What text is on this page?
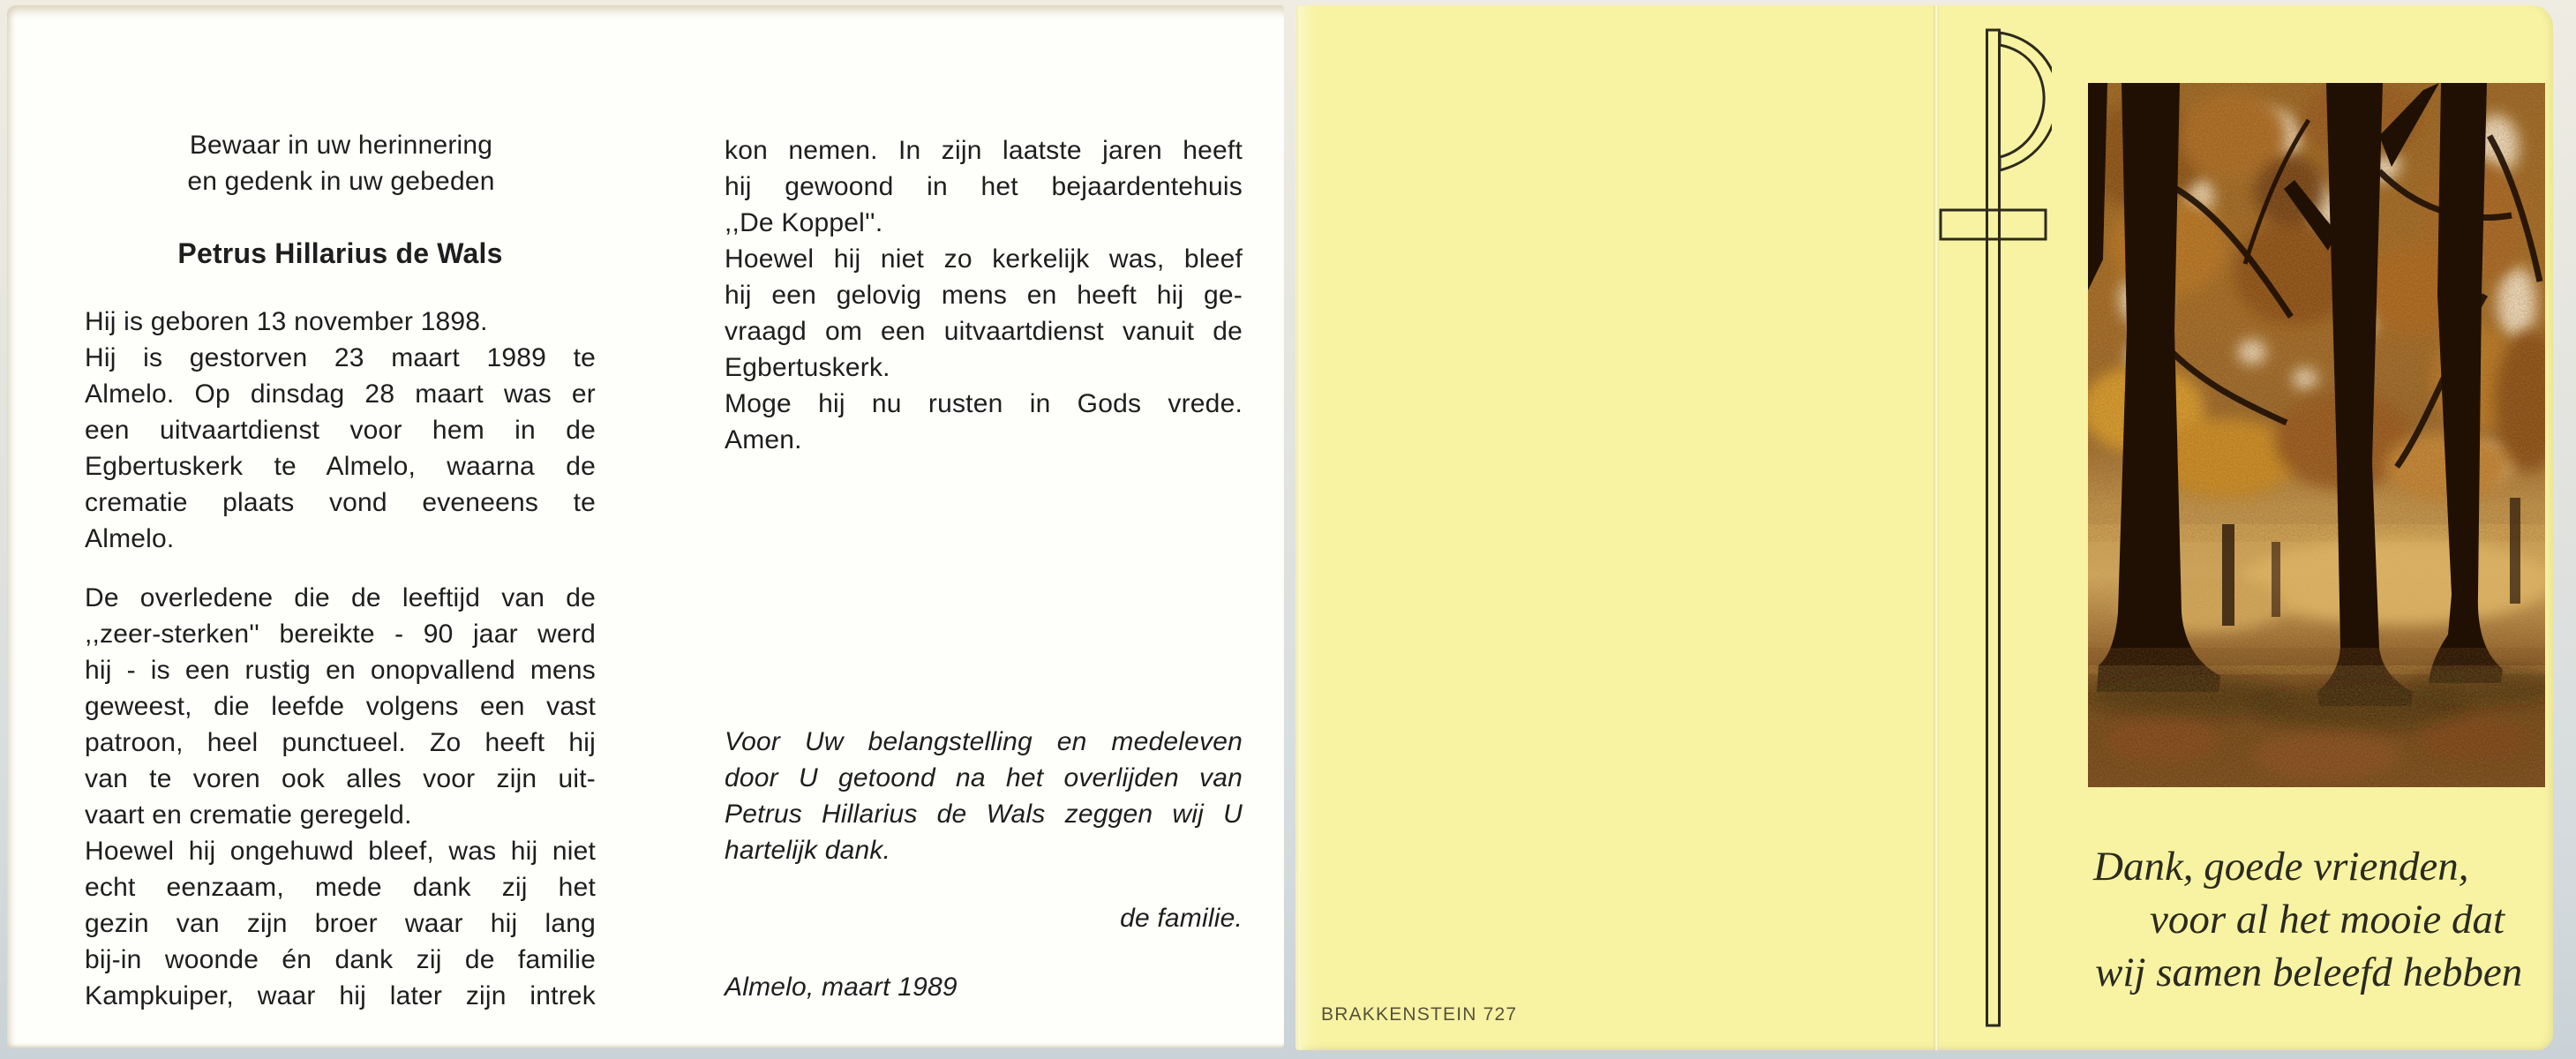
Bewaar in uw herinnering
en gedenk in uw gebeden
Petrus Hillarius de Wals
Hij is geboren 13 november 1898.
Hij is gestorven 23 maart 1989 te
Almelo. Op dinsdag 28 maart was er
een uitvaartdienst voor hem in de
Egbertuskerk te Almelo, waarna de
crematie plaats vond eveneens te
Almelo.
De overledene die de leeftijd van de
,,zeer-sterken'' bereikte - 90 jaar werd
hij - is een rustig en onopvallend mens
geweest, die leefde volgens een vast
patroon, heel punctueel. Zo heeft hij
van te voren ook alles voor zijn uit-
vaart en crematie geregeld.
Hoewel hij ongehuwd bleef, was hij niet
echt eenzaam, mede dank zij het
gezin van zijn broer waar hij lang
bij-in woonde én dank zij de familie
Kampkuiper, waar hij later zijn intrek
kon nemen. In zijn laatste jaren heeft
hij gewoond in het bejaardentehuis
,,De Koppel''.
Hoewel hij niet zo kerkelijk was, bleef
hij een gelovig mens en heeft hij ge-
vraagd om een uitvaartdienst vanuit de
Egbertuskerk.
Moge hij nu rusten in Gods vrede.
Amen.
Voor Uw belangstelling en medeleven
door U getoond na het overlijden van
Petrus Hillarius de Wals zeggen wij U
hartelijk dank.
de familie.
Almelo, maart 1989
Dank, goede vrienden,
voor al het mooie dat
wij samen beleefd hebben
BRAKKENSTEIN 727
